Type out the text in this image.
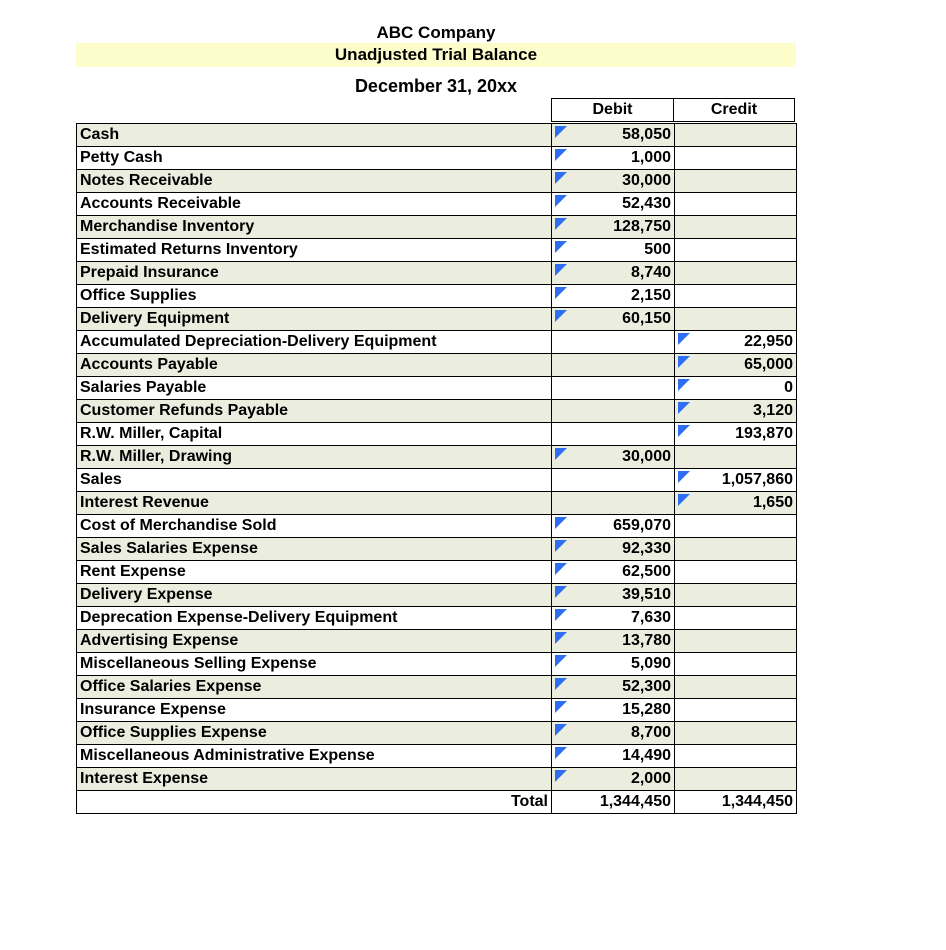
ABC Company
Unadjusted Trial Balance
December 31, 20xx
Debit	Credit
Cash	58,050	
Petty Cash	1,000	
Notes Receivable	30,000	
Accounts Receivable	52,430	
Merchandise Inventory	128,750	
Estimated Returns Inventory	500	
Prepaid Insurance	8,740	
Office Supplies	2,150	
Delivery Equipment	60,150	
Accumulated Depreciation-Delivery Equipment		22,950
Accounts Payable		65,000
Salaries Payable		0
Customer Refunds Payable		3,120
R.W. Miller, Capital		193,870
R.W. Miller, Drawing	30,000	
Sales		1,057,860
Interest Revenue		1,650
Cost of Merchandise Sold	659,070	
Sales Salaries Expense	92,330	
Rent Expense	62,500	
Delivery Expense	39,510	
Deprecation Expense-Delivery Equipment	7,630	
Advertising Expense	13,780	
Miscellaneous Selling Expense	5,090	
Office Salaries Expense	52,300	
Insurance Expense	15,280	
Office Supplies Expense	8,700	
Miscellaneous Administrative Expense	14,490	
Interest Expense	2,000	
Total	1,344,450	1,344,450
